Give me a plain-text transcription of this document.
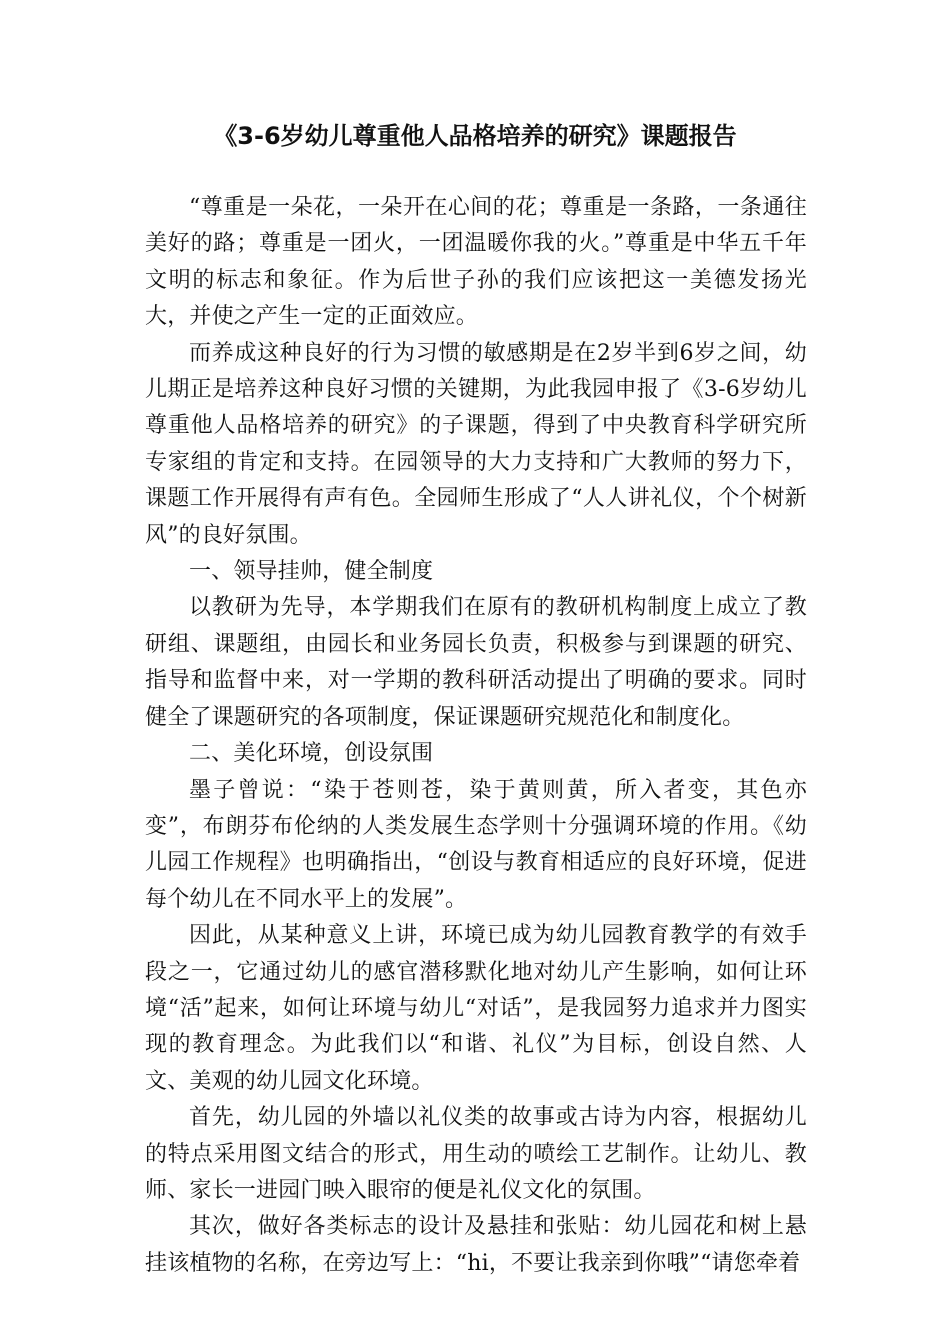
《3-6岁幼儿尊重他人品格培养的研究》课题报告

“尊重是一朵花，一朵开在心间的花；尊重是一条路，一条通往美好的路；尊重是一团火，一团温暖你我的火。”尊重是中华五千年文明的标志和象征。作为后世子孙的我们应该把这一美德发扬光大，并使之产生一定的正面效应。

而养成这种良好的行为习惯的敏感期是在2岁半到6岁之间，幼儿期正是培养这种良好习惯的关键期，为此我园申报了《3-6岁幼儿尊重他人品格培养的研究》的子课题，得到了中央教育科学研究所专家组的肯定和支持。在园领导的大力支持和广大教师的努力下，课题工作开展得有声有色。全园师生形成了“人人讲礼仪，个个树新风”的良好氛围。

一、领导挂帅，健全制度

以教研为先导，本学期我们在原有的教研机构制度上成立了教研组、课题组，由园长和业务园长负责，积极参与到课题的研究、指导和监督中来，对一学期的教科研活动提出了明确的要求。同时健全了课题研究的各项制度，保证课题研究规范化和制度化。

二、美化环境，创设氛围

墨子曾说：“染于苍则苍，染于黄则黄，所入者变，其色亦变”，布朗芬布伦纳的人类发展生态学则十分强调环境的作用。《幼儿园工作规程》也明确指出，“创设与教育相适应的良好环境，促进每个幼儿在不同水平上的发展”。

因此，从某种意义上讲，环境已成为幼儿园教育教学的有效手段之一，它通过幼儿的感官潜移默化地对幼儿产生影响，如何让环境“活”起来，如何让环境与幼儿“对话”，是我园努力追求并力图实现的教育理念。为此我们以“和谐、礼仪”为目标，创设自然、人文、美观的幼儿园文化环境。

首先，幼儿园的外墙以礼仪类的故事或古诗为内容，根据幼儿的特点采用图文结合的形式，用生动的喷绘工艺制作。让幼儿、教师、家长一进园门映入眼帘的便是礼仪文化的氛围。

其次，做好各类标志的设计及悬挂和张贴：幼儿园花和树上悬挂该植物的名称，在旁边写上：“hi，不要让我亲到你哦”“请您牵着
